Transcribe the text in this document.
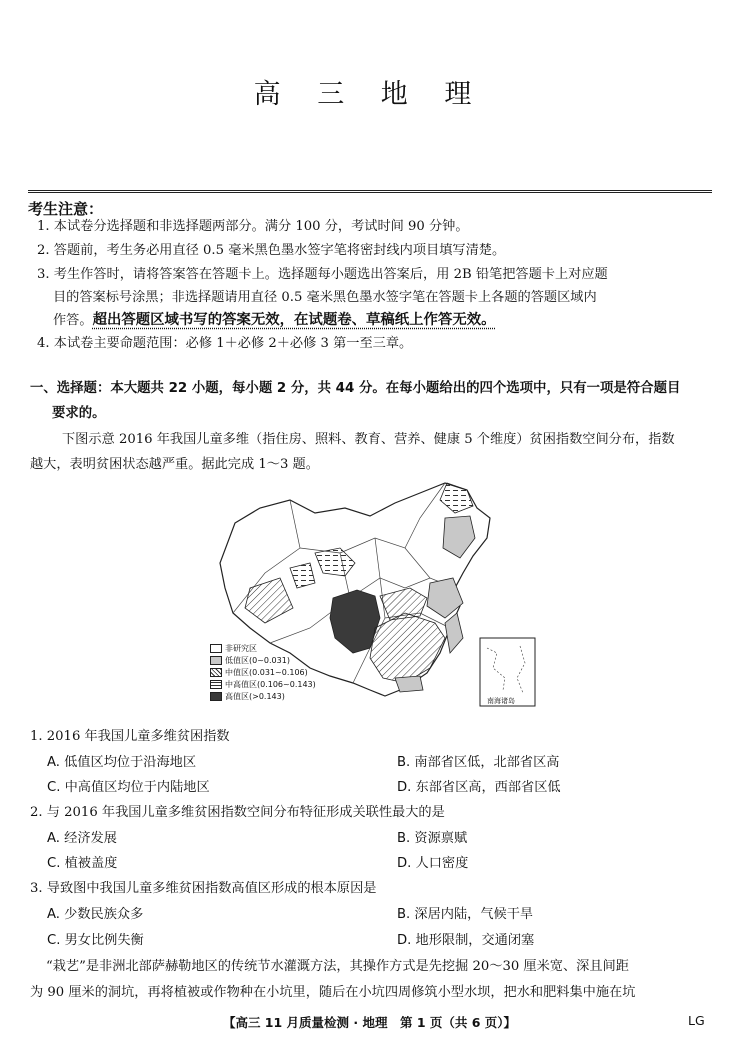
高 三 地 理
考生注意：
1. 本试卷分选择题和非选择题两部分。满分 100 分，考试时间 90 分钟。
2. 答题前，考生务必用直径 0.5 毫米黑色墨水签字笔将密封线内项目填写清楚。
3. 考生作答时，请将答案答在答题卡上。选择题每小题选出答案后，用 2B 铅笔把答题卡上对应题
目的答案标号涂黑；非选择题请用直径 0.5 毫米黑色墨水签字笔在答题卡上各题的答题区域内
作答。超出答题区域书写的答案无效，在试题卷、草稿纸上作答无效。
4. 本试卷主要命题范围：必修 1＋必修 2＋必修 3 第一至三章。
一、选择题：本大题共 22 小题，每小题 2 分，共 44 分。在每小题给出的四个选项中，只有一项是符合题目
要求的。
下图示意 2016 年我国儿童多维（指住房、照料、教育、营养、健康 5 个维度）贫困指数空间分布，指数
越大，表明贫困状态越严重。据此完成 1～3 题。
南海诸岛
非研究区
低值区(0~0.031)
中值区(0.031~0.106)
中高值区(0.106~0.143)
高值区(>0.143)
1. 2016 年我国儿童多维贫困指数
A. 低值区均位于沿海地区	B. 南部省区低，北部省区高
C. 中高值区均位于内陆地区	D. 东部省区高，西部省区低
2. 与 2016 年我国儿童多维贫困指数空间分布特征形成关联性最大的是
A. 经济发展	B. 资源禀赋
C. 植被盖度	D. 人口密度
3. 导致图中我国儿童多维贫困指数高值区形成的根本原因是
A. 少数民族众多	B. 深居内陆，气候干旱
C. 男女比例失衡	D. 地形限制，交通闭塞
“栽艺”是非洲北部萨赫勒地区的传统节水灌溉方法，其操作方式是先挖掘 20～30 厘米宽、深且间距
为 90 厘米的洞坑，再将植被或作物种在小坑里，随后在小坑四周修筑小型水坝，把水和肥料集中施在坑
【高三 11 月质量检测 · 地理　第 1 页（共 6 页）】	LG
